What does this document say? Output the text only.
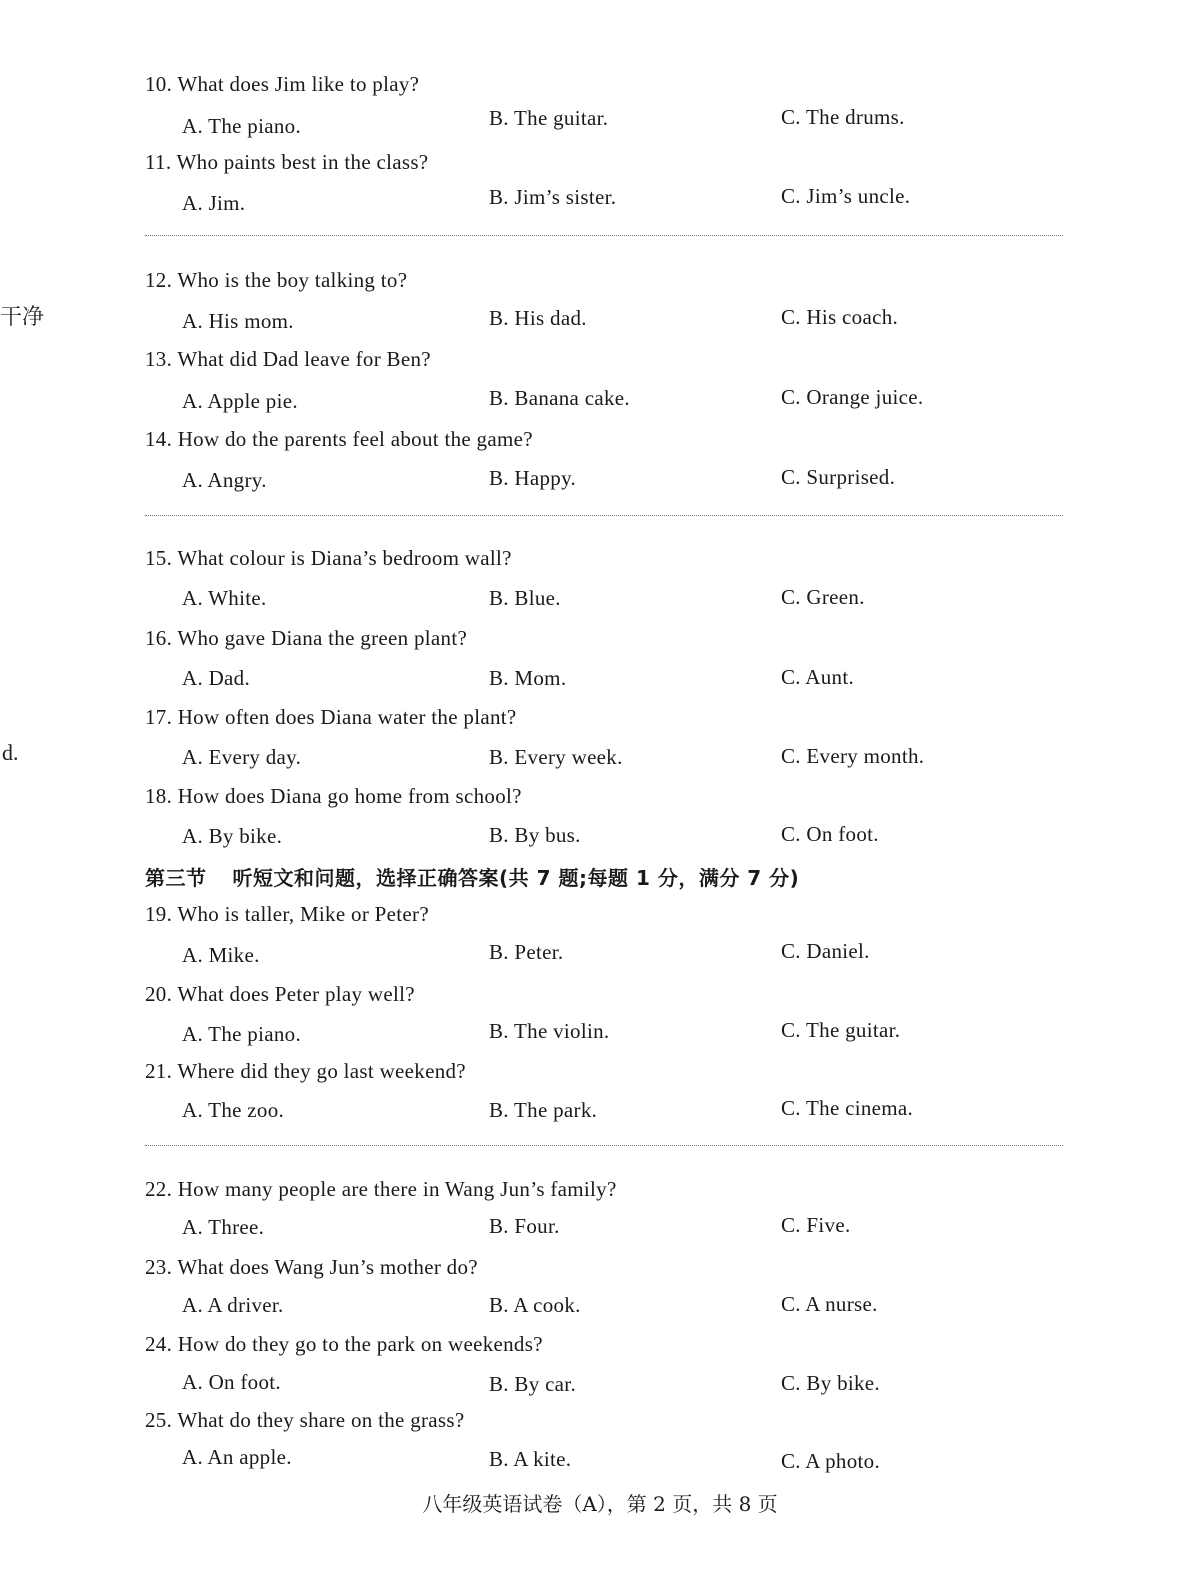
干净
d.
10. What does Jim like to play?
A. The piano.	B. The guitar.	C. The drums.
11. Who paints best in the class?
A. Jim.	B. Jim’s sister.	C. Jim’s uncle.
12. Who is the boy talking to?
A. His mom.	B. His dad.	C. His coach.
13. What did Dad leave for Ben?
A. Apple pie.	B. Banana cake.	C. Orange juice.
14. How do the parents feel about the game?
A. Angry.	B. Happy.	C. Surprised.
15. What colour is Diana’s bedroom wall?
A. White.	B. Blue.	C. Green.
16. Who gave Diana the green plant?
A. Dad.	B. Mom.	C. Aunt.
17. How often does Diana water the plant?
A. Every day.	B. Every week.	C. Every month.
18. How does Diana go home from school?
A. By bike.	B. By bus.	C. On foot.
第三节 听短文和问题，选择正确答案(共 7 题;每题 1 分，满分 7 分)
19. Who is taller, Mike or Peter?
A. Mike.	B. Peter.	C. Daniel.
20. What does Peter play well?
A. The piano.	B. The violin.	C. The guitar.
21. Where did they go last weekend?
A. The zoo.	B. The park.	C. The cinema.
22. How many people are there in Wang Jun’s family?
A. Three.	B. Four.	C. Five.
23. What does Wang Jun’s mother do?
A. A driver.	B. A cook.	C. A nurse.
24. How do they go to the park on weekends?
A. On foot.	B. By car.	C. By bike.
25. What do they share on the grass?
A. An apple.	B. A kite.	C. A photo.
八年级英语试卷（A），第 2 页，共 8 页
